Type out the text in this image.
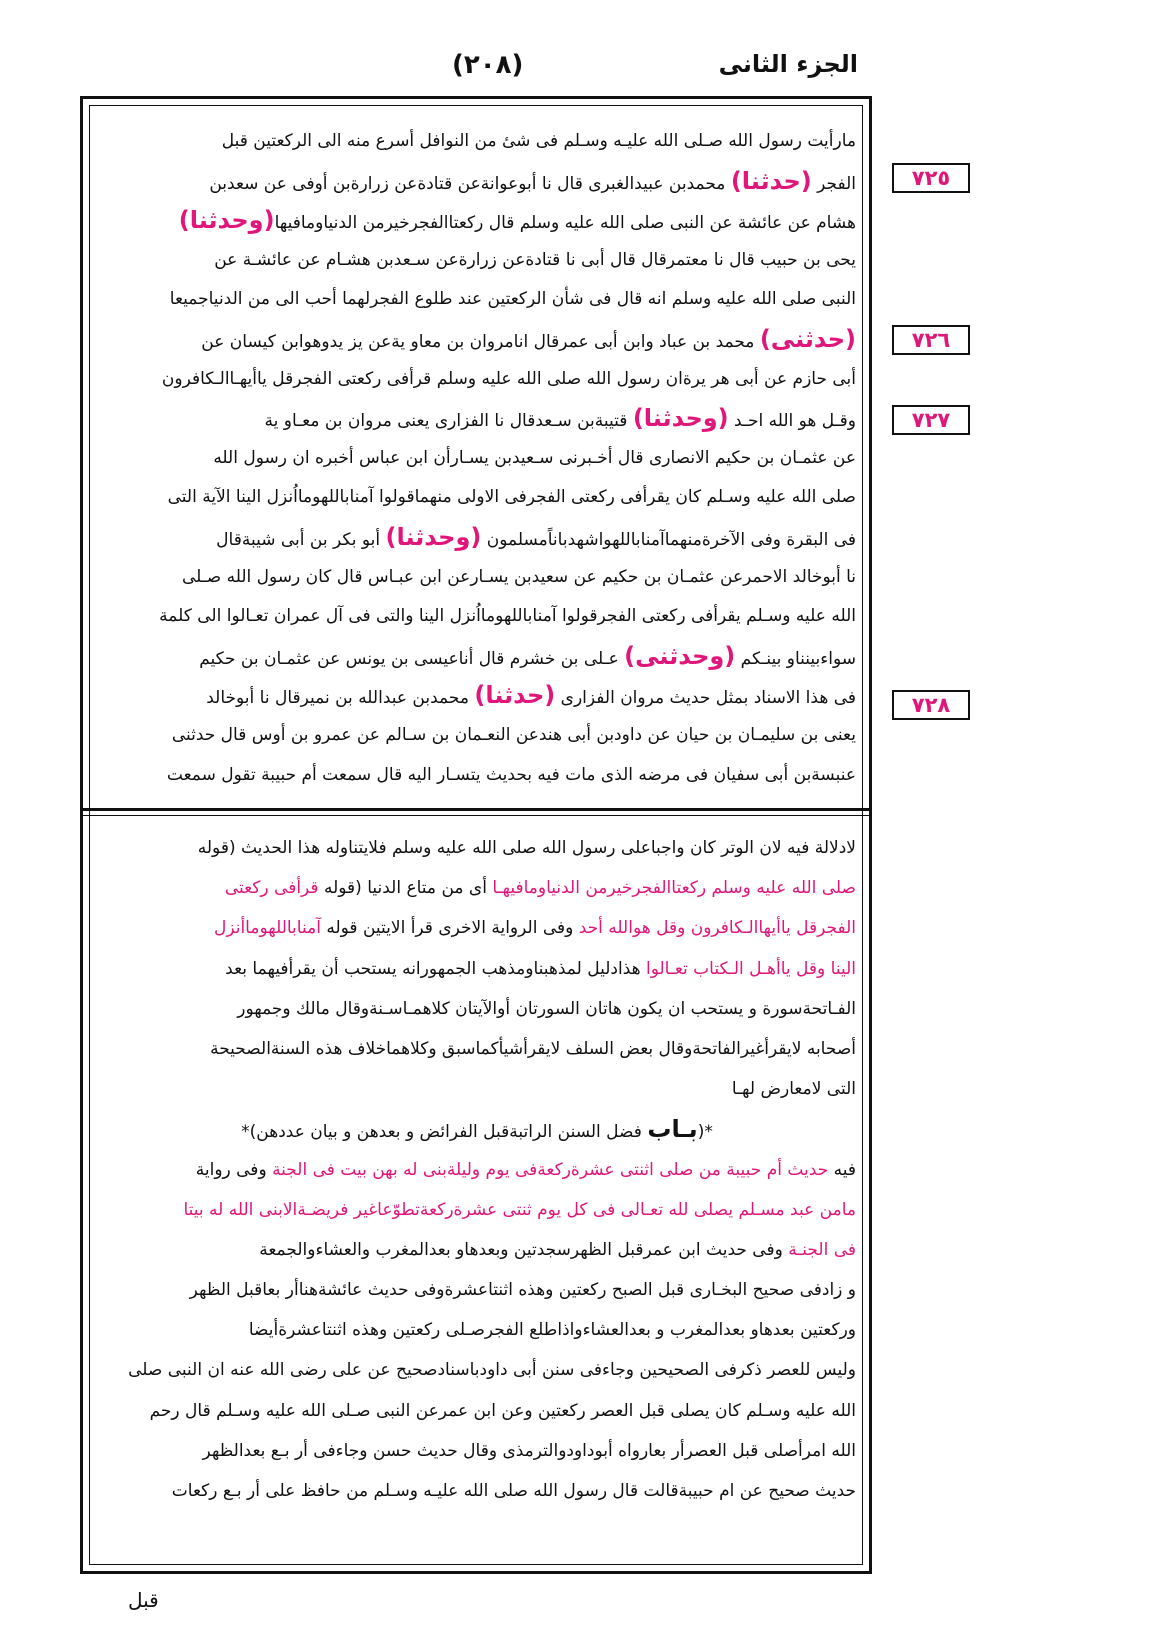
(٢٠٨)	الجزء الثانى
٧٢٥
٧٢٦
٧٢٧
٧٢٨
مارأيت رسول الله صـلى الله عليـه وسـلم فى شىٔ من النوافل أسرع منه الى الركعتين قبل
الفجر (حدثنا) محمدبن عبيدالغبرى قال نا أبوعوانةعن قتادةعن زرارةبن أوفى عن سعدبن
هشام عن عائشة عن النبى صلى الله عليه وسلم قال ركعتاالفجرخيرمن الدنياومافيها(وحدثنا)
يحى بن حبيب قال نا معتمرقال قال أبى نا قتادةعن زرارةعن سـعدبن هشـام عن عائشـة عن
النبى صلى الله عليه وسلم انه قال فى شأن الركعتين عند طلوع الفجرلهما أحب الى من الدنياجميعا
(حدثنى) محمد بن عباد وابن أبى عمرقال انامروان بن معاو يةعن يز يدوهوابن كيسان عن
أبى حازم عن أبى هر يرةان رسول الله صلى الله عليه وسلم قرأفى ركعتى الفجرقل ياأيهـاالـكافرون
وقـل هو الله احـد (وحدثنا) قتيبةبن سـعدقال نا الفزارى يعنى مروان بن معـاو ية
عن عثمـان بن حكيم الانصارى قال أخـبرنى سـعيدبن يسـارأن ابن عباس أخبره ان رسول الله
صلى الله عليه وسـلم كان يقرأفى ركعتى الفجرفى الاولى منهماقولوا آمناباللهومااُنزل الينا الآية التى
فى البقرة وفى الآخرةمنهماآمناباللهواشهدباناًمسلمون (وحدثنا) أبو بكر بن أبى شيبةقال
نا أبوخالد الاحمرعن عثمـان بن حكيم عن سعيدبن يسـارعن ابن عبـاس قال كان رسول الله صـلى
الله عليه وسـلم يقرأفى ركعتى الفجرقولوا آمناباللهومااُنزل الينا والتى فى آل عمران تعـالوا الى كلمة
سواءبينناو بينـكم (وحدثنى) عـلى بن خشرم قال أناعيسى بن يونس عن عثمـان بن حكيم
فى هذا الاسناد بمثل حديث مروان الفزارى (حدثنا) محمدبن عبدالله بن نميرقال نا أبوخالد
يعنى بن سليمـان بن حيان عن داودبن أبى هندعن النعـمان بن سـالم عن عمرو بن أوس قال حدثنى
عنبسةبن أبى سفيان فى مرضه الذى مات فيه بحديث يتسـار اليه قال سمعت أم حبيبة تقول سمعت
لادلالة فيه لان الوتر كان واجباعلى رسول الله صلى الله عليه وسلم فلايتناوله هذا الحديث (قوله
صلى الله عليه وسلم ركعتاالفجرخيرمن الدنياومافيهـا أى من متاع الدنيا (قوله قرأفى ركعتى
الفجرقل ياأيهاالـكافرون وقل هوالله أحد وفى الرواية الاخرى قرأ الايتين قوله آمناباللهوماأنزل
الينا وقل ياأهـل الـكتاب تعـالوا هذادليل لمذهبناومذهب الجمهورانه يستحب أن يقرأفيهما بعد
الفـاتحةسورة و يستحب ان يكون هاتان السورتان أوالآيتان كلاهمـاسـنةوقال مالك وجمهور
أصحابه لايقرأغيرالفاتحةوقال بعض السلف لايقرأشيأكماسبق وكلاهماخلاف هذه السنةالصحيحة
التى لامعارض لهـا
*(بـاب فضل السنن الراتبةقبل الفرائض و بعدهن و بيان عددهن)*
فيه حديث أم حبيبة من صلى اثنتى عشرةركعةفى يوم وليلةبنى له بهن بيت فى الجنة وفى رواية
مامن عبد مسـلم يصلى لله تعـالى فى كل يوم ثنتى عشرةركعةتطوّعاغير فريضـةالابنى الله له بيتا
فى الجنـة وفى حديث ابن عمرقبل الظهرسجدتين وبعدهاو بعدالمغرب والعشاءوالجمعة
و زادفى صحيح البخـارى قبل الصبح ركعتين وهذه اثنتاعشرةوفى حديث عائشةهناأر بعاقبل الظهر
وركعتين بعدهاو بعدالمغرب و بعدالعشاءواذاطلع الفجرصـلى ركعتين وهذه اثنتاعشرةأيضا
وليس للعصر ذكرفى الصحيحين وجاءفى سنن أبى داودباسنادصحيح عن على رضى الله عنه ان النبى صلى
الله عليه وسـلم كان يصلى قبل العصر ركعتين وعن ابن عمرعن النبى صـلى الله عليه وسـلم قال رحم
الله امرأصلى قبل العصرأر بعارواه أبوداودوالترمذى وقال حديث حسن وجاءفى أر بـع بعدالظهر
حديث صحيح عن ام حبيبةقالت قال رسول الله صلى الله عليـه وسـلم من حافظ على أر بـع ركعات
قبل
